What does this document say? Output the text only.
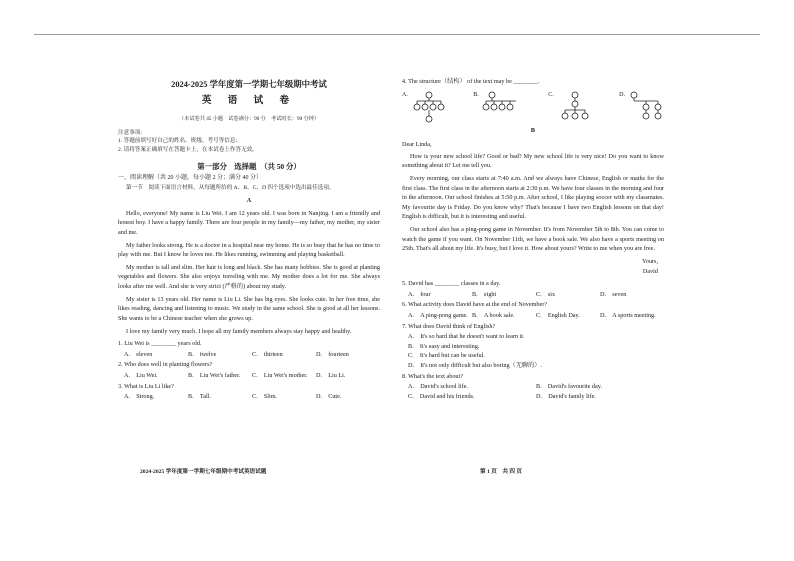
2024-2025 学年度第一学期七年级期中考试
英 语 试 卷
（本试卷共 45 小题　试卷满分：90 分　考试时长：90 分钟）
注意事项：
1. 答题前填写好自己的姓名、班级、考号等信息；
2. 请将答案正确填写在答题卡上，在本试卷上作答无效。
第一部分　选择题　（共 50 分）
一、阅读理解（共 20 小题，每小题 2 分；满分 40 分）
第一节　阅读下面语言材料，从每题所给的 A、B、C、D 四个选项中选出最佳选项。
A

Hello, everyone! My name is Liu Wei. I am 12 years old. I was born in Nanjing. I am a friendly and honest boy. I have a happy family. There are four people in my family—my father, my mother, my sister and me.

My father looks strong. He is a doctor in a hospital near my home. He is so busy that he has no time to play with me. But I know he loves me. He likes running, swimming and playing basketball.

My mother is tall and slim. Her hair is long and black. She has many hobbies. She is good at planting vegetables and flowers. She also enjoys traveling with me. My mother does a lot for me. She always looks after me well. And she is very strict (严格的) about my study.

My sister is 13 years old. Her name is Liu Li. She has big eyes. She looks cute. In her free time, she likes reading, dancing and listening to music. We study in the same school. She is good at all her lessons. She wants to be a Chinese teacher when she grows up.

I love my family very much. I hope all my family members always stay happy and healthy.

1. Liu Wei is ________ years old.
A.　eleven	B.　twelve	C.　thirteen	D.　fourteen
2. Who does well in planting flowers?
A.　Liu Wei.	B.　Liu Wei's father.	C.　Liu Wei's mother.	D.　Liu Li.
3. What is Liu Li like?
A.　Strong.	B.　Tall.	C.　Slim.	D.　Cute.
2024-2025 学年度第一学期七年级期中考试英语试题
4. The structure（结构） of the text may be ________.
A.	B.	C.	D.
B
Dear Linda,

How is your new school life? Good or bad? My new school life is very nice! Do you want to know something about it? Let me tell you.

Every morning, our class starts at 7:40 a.m. And we always have Chinese, English or maths for the first class. The first class in the afternoon starts at 2:30 p.m. We have four classes in the morning and four in the afternoon. Our school finishes at 5:50 p.m. After school, I like playing soccer with my classmates. My favourite day is Friday. Do you know why? That's because I have two English lessons on that day! English is difficult, but it is interesting and useful.

Our school also has a ping-pong game in November. It's from November 5th to 8th. You can come to watch the game if you want. On November 11th, we have a book sale. We also have a sports meeting on 25th. That's all about my life. It's busy, but I love it. How about yours? Write to me when you are free.

Yours,
David
5. David has ________ classes in a day.
A.　four	B.　eight	C.　six	D.　seven
6. What activity does David have at the end of November?
A.　A ping-pong game. B.　A book sale.	C.　English Day.	D.　A sports meeting.
7. What does David think of English?
A.　It's so hard that he doesn't want to learn it.
B.　It's easy and interesting.
C.　It's hard but can be useful.
D.　It's not only difficult but also boring（无聊的）.
8. What's the text about?
A.　David's school life.	B.　David's favourite day.
C.　David and his friends.	D.　David's family life.
第 1 页　共 四 页
